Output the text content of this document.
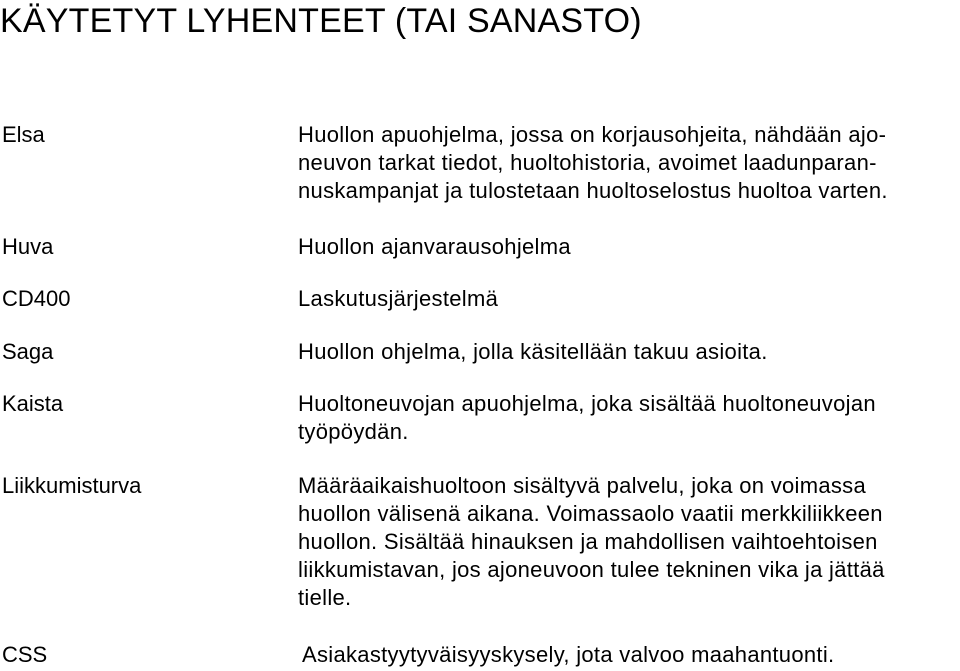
KÄYTETYT LYHENTEET (TAI SANASTO)
Elsa	Huollon apuohjelma, jossa on korjausohjeita, nähdään ajo-
neuvon tarkat tiedot, huoltohistoria, avoimet laadunparan-
nuskampanjat ja tulostetaan huoltoselostus huoltoa varten.
Huva	Huollon ajanvarausohjelma
CD400	Laskutusjärjestelmä
Saga	Huollon ohjelma, jolla käsitellään takuu asioita.
Kaista	Huoltoneuvojan apuohjelma, joka sisältää huoltoneuvojan
työpöydän.
Liikkumisturva	Määräaikaishuoltoon sisältyvä palvelu, joka on voimassa
huollon välisenä aikana. Voimassaolo vaatii merkkiliikkeen
huollon. Sisältää hinauksen ja mahdollisen vaihtoehtoisen
liikkumistavan, jos ajoneuvoon tulee tekninen vika ja jättää
tielle.
CSS	Asiakastyytyväisyyskysely, jota valvoo maahantuonti.
